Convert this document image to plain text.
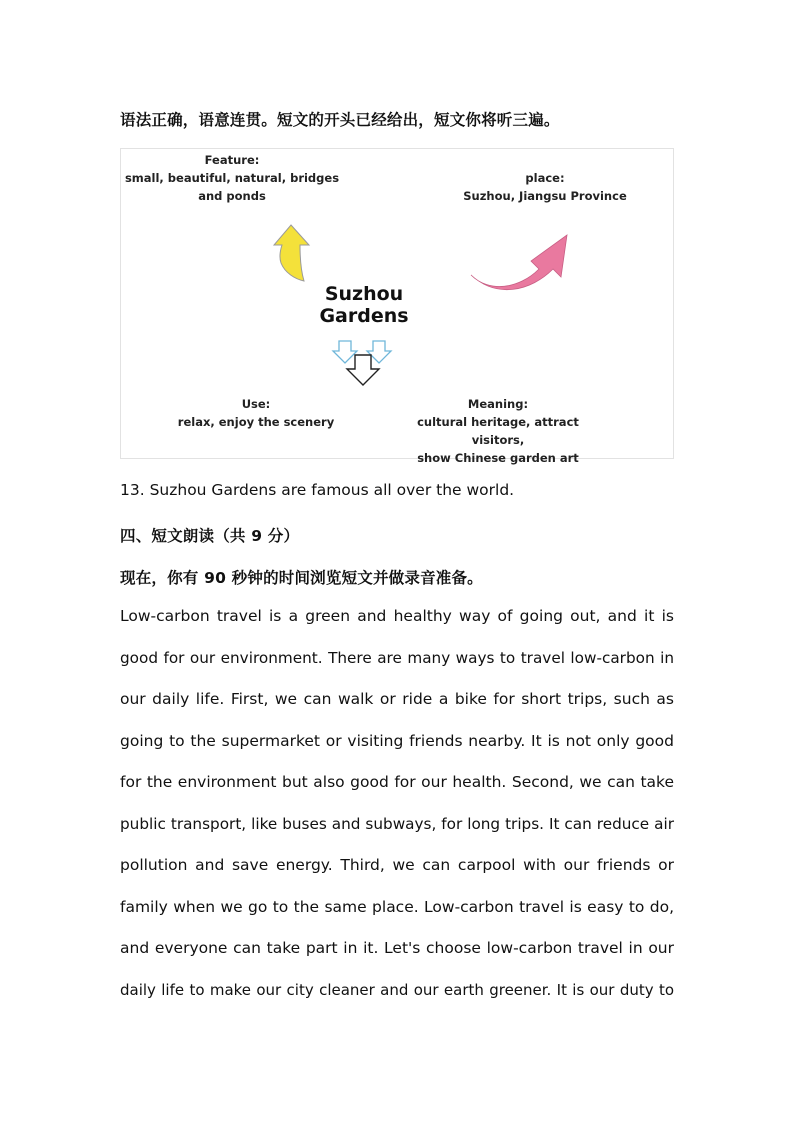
语法正确，语意连贯。短文的开头已经给出，短文你将听三遍。
Feature:
small, beautiful, natural, bridges
and ponds
place:
Suzhou, Jiangsu Province
Suzhou Gardens
Use:
relax, enjoy the scenery
Meaning:
cultural heritage, attract visitors,
show Chinese garden art
13. Suzhou Gardens are famous all over the world.
四、短文朗读（共 9 分）
现在，你有 90 秒钟的时间浏览短文并做录音准备。
Low-carbon travel is a green and healthy way of going out, and it is
good for our environment. There are many ways to travel low-carbon in
our daily life. First, we can walk or ride a bike for short trips, such as
going to the supermarket or visiting friends nearby. It is not only good
for the environment but also good for our health. Second, we can take
public transport, like buses and subways, for long trips. It can reduce air
pollution and save energy. Third, we can carpool with our friends or
family when we go to the same place. Low-carbon travel is easy to do,
and everyone can take part in it. Let's choose low-carbon travel in our
daily life to make our city cleaner and our earth greener. It is our duty to
